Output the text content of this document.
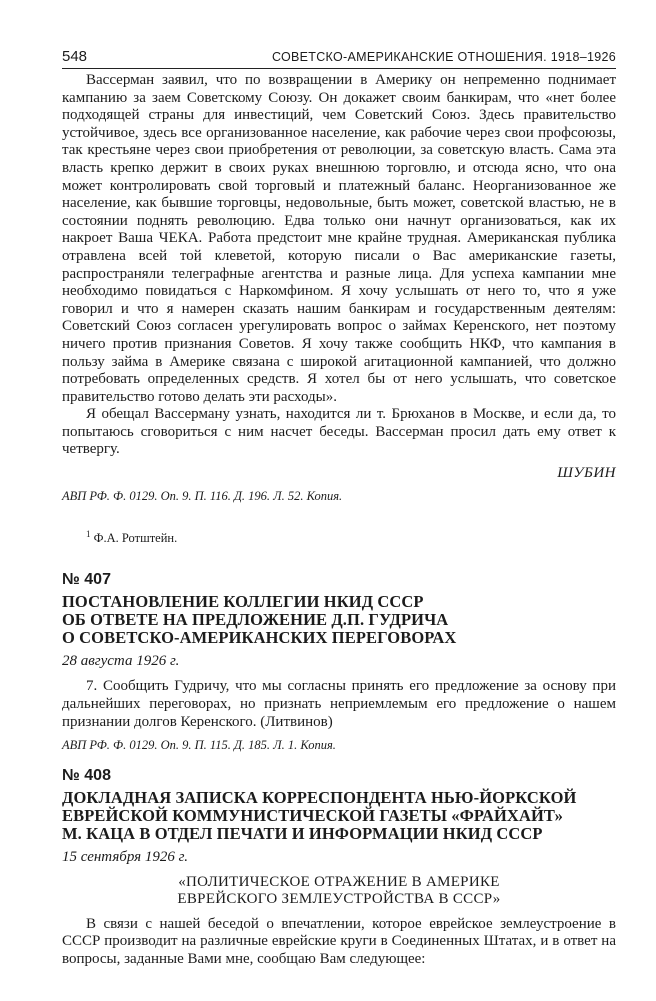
548	СОВЕТСКО-АМЕРИКАНСКИЕ ОТНОШЕНИЯ. 1918–1926

Вассерман заявил, что по возвращении в Америку он непременно поднимает кампанию за заем Советскому Союзу. Он докажет своим банкирам, что «нет более подходящей страны для инвестиций, чем Советский Союз. Здесь правительство устойчивое, здесь все организованное население, как рабочие через свои профсоюзы, так крестьяне через свои приобретения от революции, за советскую власть. Сама эта власть крепко держит в своих руках внешнюю торговлю, и отсюда ясно, что она может контролировать свой торговый и платежный баланс. Неорганизованное же население, как бывшие торговцы, недовольные, быть может, советской властью, не в состоянии поднять революцию. Едва только они начнут организоваться, как их накроет Ваша ЧЕКА. Работа предстоит мне крайне трудная. Американская публика отравлена всей той клеветой, которую писали о Вас американские газеты, распространяли телеграфные агентства и разные лица. Для успеха кампании мне необходимо повидаться с Наркомфином. Я хочу услышать от него то, что я уже говорил и что я намерен сказать нашим банкирам и государственным деятелям: Советский Союз согласен урегулировать вопрос о займах Керенского, нет поэтому ничего против признания Советов. Я хочу также сообщить НКФ, что кампания в пользу займа в Америке связана с широкой агитационной кампанией, что должно потребовать определенных средств. Я хотел бы от него услышать, что советское правительство готово делать эти расходы».

Я обещал Вассерману узнать, находится ли т. Брюханов в Москве, и если да, то попытаюсь сговориться с ним насчет беседы. Вассерман просил дать ему ответ к четвергу.

ШУБИН

АВП РФ. Ф. 0129. Оп. 9. П. 116. Д. 196. Л. 52. Копия.

$^1$ Ф.А. Ротштейн.

№ 407
ПОСТАНОВЛЕНИЕ КОЛЛЕГИИ НКИД СССР
ОБ ОТВЕТЕ НА ПРЕДЛОЖЕНИЕ Д.П. ГУДРИЧА
О СОВЕТСКО-АМЕРИКАНСКИХ ПЕРЕГОВОРАХ
28 августа 1926 г.

7. Сообщить Гудричу, что мы согласны принять его предложение за основу при дальнейших переговорах, но признать неприемлемым его предложение о нашем признании долгов Керенского. (Литвинов)

АВП РФ. Ф. 0129. Оп. 9. П. 115. Д. 185. Л. 1. Копия.

№ 408
ДОКЛАДНАЯ ЗАПИСКА КОРРЕСПОНДЕНТА НЬЮ-ЙОРКСКОЙ
ЕВРЕЙСКОЙ КОММУНИСТИЧЕСКОЙ ГАЗЕТЫ «ФРАЙХАЙТ»
М. КАЦА В ОТДЕЛ ПЕЧАТИ И ИНФОРМАЦИИ НКИД СССР
15 сентября 1926 г.
«ПОЛИТИЧЕСКОЕ ОТРАЖЕНИЕ В АМЕРИКЕ
ЕВРЕЙСКОГО ЗЕМЛЕУСТРОЙСТВА В СССР»

В связи с нашей беседой о впечатлении, которое еврейское землеустроение в СССР производит на различные еврейские круги в Соединенных Штатах, и в ответ на вопросы, заданные Вами мне, сообщаю Вам следующее:
